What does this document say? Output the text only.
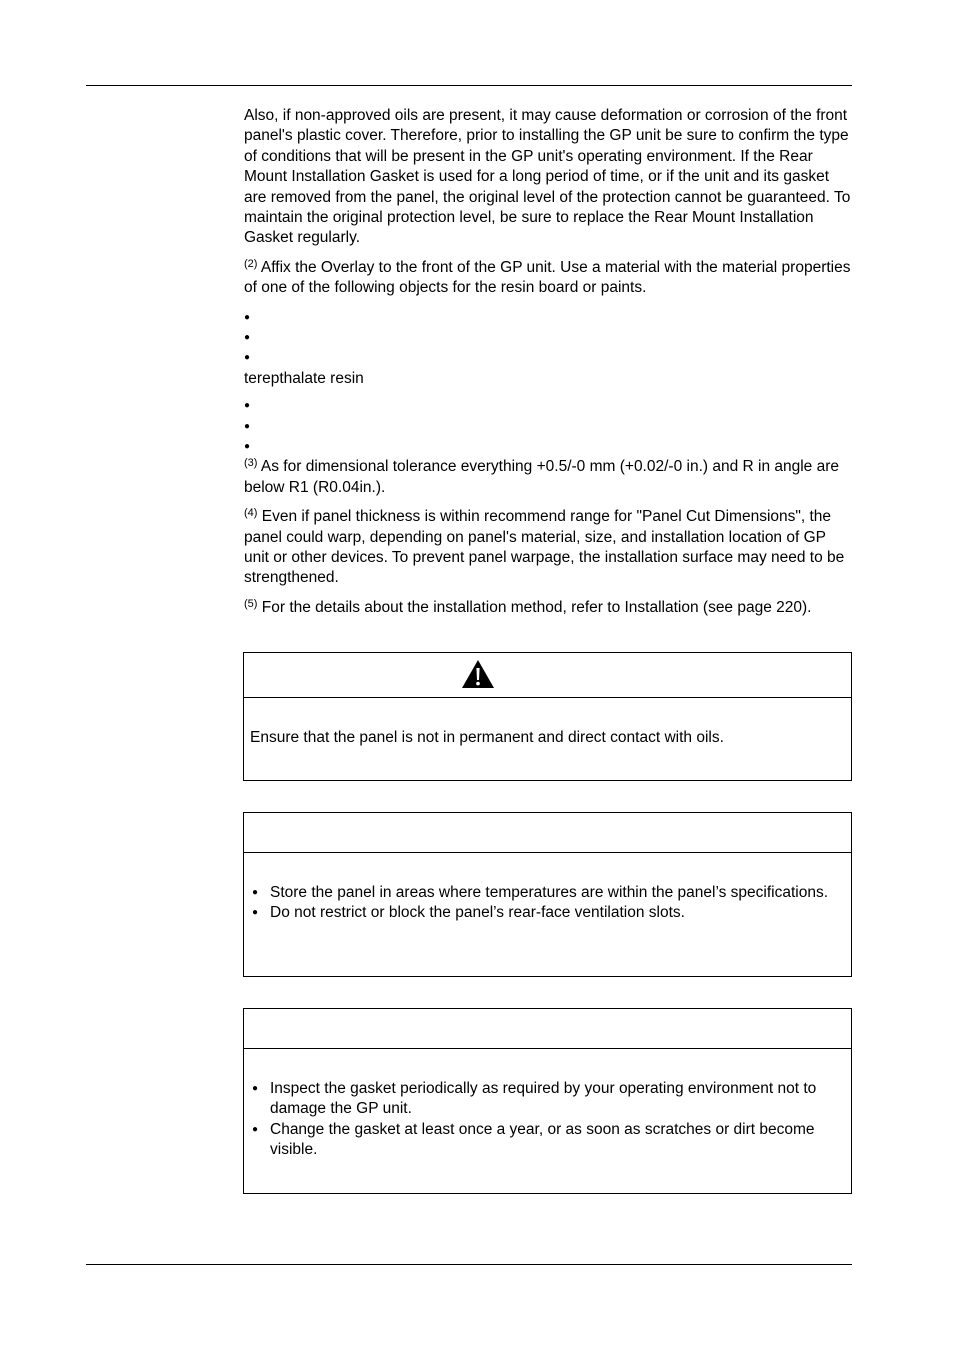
Also, if non-approved oils are present, it may cause deformation or corrosion of the front panel's plastic cover. Therefore, prior to installing the GP unit be sure to confirm the type of conditions that will be present in the GP unit's operating environment. If the Rear Mount Installation Gasket is used for a long period of time, or if the unit and its gasket are removed from the panel, the original level of the protection cannot be guaranteed. To maintain the original protection level, be sure to replace the Rear Mount Installation Gasket regularly.

$^{(2)}$ Affix the Overlay to the front of the GP unit. Use a material with the material properties of one of the following objects for the resin board or paints.

●
●
●

terepthalate resin

●
●
●

$^{(3)}$ As for dimensional tolerance everything +0.5/-0 mm (+0.02/-0 in.) and R in angle are below R1 (R0.04in.).

$^{(4)}$ Even if panel thickness is within recommend range for "Panel Cut Dimensions", the panel could warp, depending on panel's material, size, and installation location of GP unit or other devices. To prevent panel warpage, the installation surface may need to be strengthened.

$^{(5)}$ For the details about the installation method, refer to Installation (see page 220).

Ensure that the panel is not in permanent and direct contact with oils.

● Store the panel in areas where temperatures are within the panel’s specifications.
● Do not restrict or block the panel’s rear-face ventilation slots.
● Inspect the gasket periodically as required by your operating environment not to damage the GP unit.
● Change the gasket at least once a year, or as soon as scratches or dirt become visible.
